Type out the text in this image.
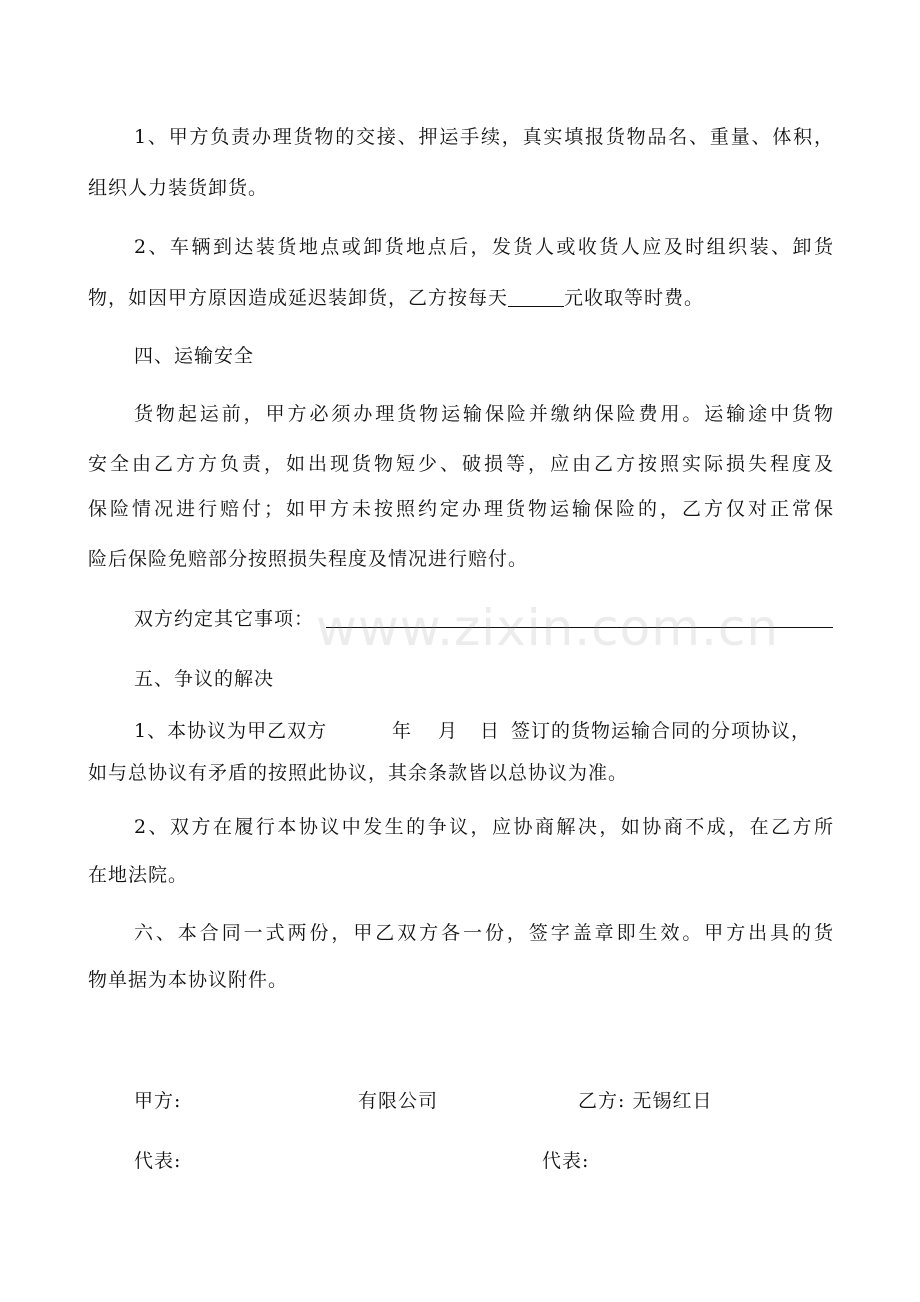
1、甲方负责办理货物的交接、押运手续，真实填报货物品名、重量、体积，
组织人力装货卸货。
2、车辆到达装货地点或卸货地点后，发货人或收货人应及时组织装、卸货
物，如因甲方原因造成延迟装卸货，乙方按每天	元收取等时费。
四、运输安全
货物起运前，甲方必须办理货物运输保险并缴纳保险费用。运输途中货物
安全由乙方方负责，如出现货物短少、破损等，应由乙方按照实际损失程度及
保险情况进行赔付；如甲方未按照约定办理货物运输保险的，乙方仅对正常保
险后保险免赔部分按照损失程度及情况进行赔付。
双方约定其它事项： www.zixin.com.cn
五、争议的解决
1、本协议为甲乙双方	年 月 日 签订的货物运输合同的分项协议，
如与总协议有矛盾的按照此协议，其余条款皆以总协议为准。
2、双方在履行本协议中发生的争议，应协商解决，如协商不成，在乙方所
在地法院。
六、本合同一式两份，甲乙双方各一份，签字盖章即生效。甲方出具的货
物单据为本协议附件。
甲方:	有限公司	乙方: 无锡红日
代表:	代表:
